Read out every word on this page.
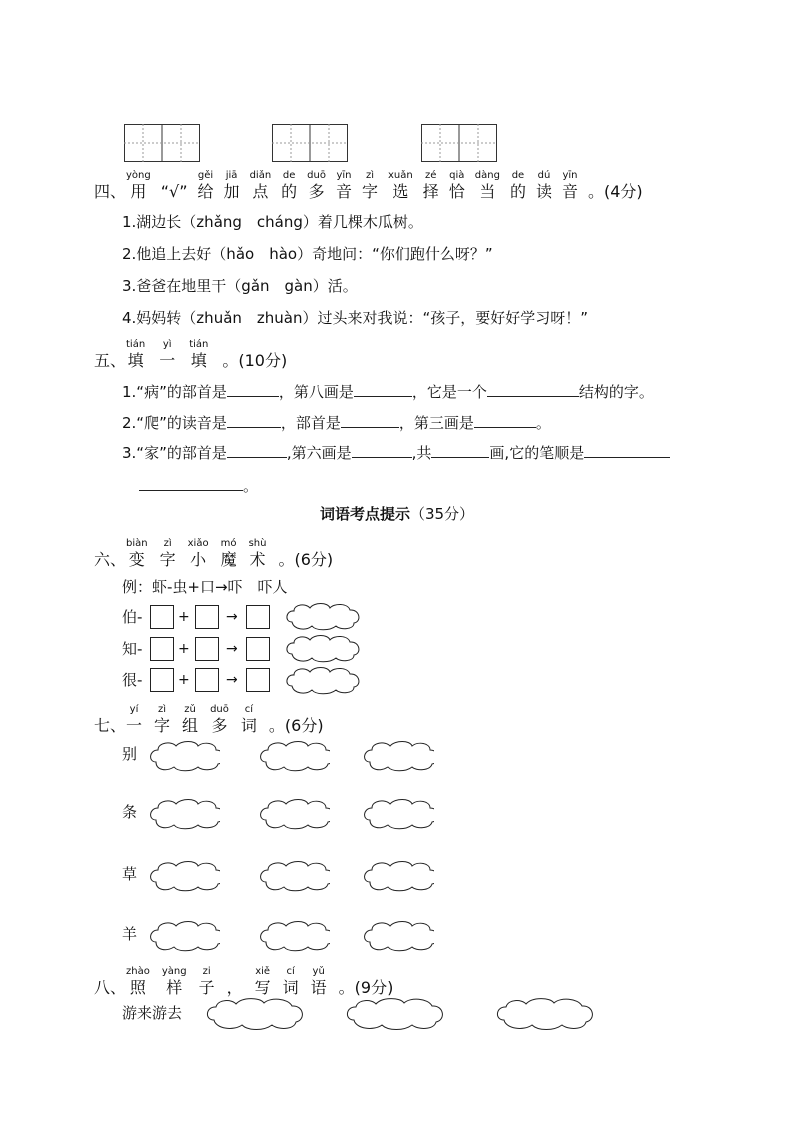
四、
yòng
用 “√”
gěi
给
jiā
加
diǎn
点
de
的
duō
多
yīn
音
zì
字
xuǎn
选
zé
择
qià
恰
dàng
当
de
的
dú
读
yīn
音 。(4分)
1.湖边长（zhǎng　cháng）着几棵木瓜树。
2.他追上去好（hǎo　hào）奇地问：“你们跑什么呀？”
3.爸爸在地里干（gǎn　gàn）活。
4.妈妈转（zhuǎn　zhuàn）过头来对我说：“孩子，要好好学习呀！”
五、
tián
填
yì
一
tián
填 。(10分)
1.“病”的部首是	，第八画是	，它是一个	结构的字。
2.“爬”的读音是	，部首是	，第三画是	。
3.“家”的部首是	,第六画是	,共	画,它的笔顺是
。
词语考点提示（35分）
六、
biàn
变
zì
字
xiǎo
小
mó
魔
shù
术 。(6分)
例：虾-虫+口→吓　吓人
伯-	+	→
知-	+	→
很-	+	→
七、
yí
一
zì
字
zǔ
组
duō
多
cí
词 。(6分)
别
条
草
羊
八、
zhào
照
yàng
样
zi
子 ，
xiě
写
cí
词
yǔ
语 。(9分)
游来游去
